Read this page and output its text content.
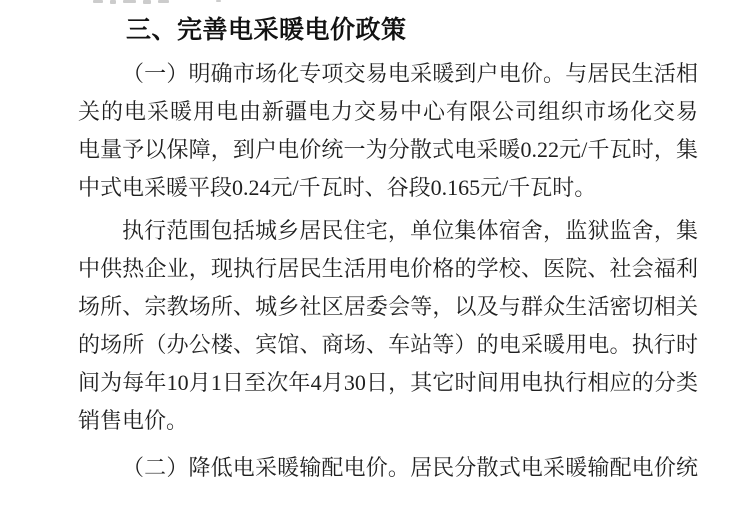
三、完善电采暖电价政策
（一）明确市场化专项交易电采暖到户电价。与居民生活相
关的电采暖用电由新疆电力交易中心有限公司组织市场化交易
电量予以保障，到户电价统一为分散式电采暖0.22元/千瓦时，集
中式电采暖平段0.24元/千瓦时、谷段0.165元/千瓦时。
执行范围包括城乡居民住宅，单位集体宿舍，监狱监舍，集
中供热企业，现执行居民生活用电价格的学校、医院、社会福利
场所、宗教场所、城乡社区居委会等，以及与群众生活密切相关
的场所（办公楼、宾馆、商场、车站等）的电采暖用电。执行时
间为每年10月1日至次年4月30日，其它时间用电执行相应的分类
销售电价。
（二）降低电采暖输配电价。居民分散式电采暖输配电价统
